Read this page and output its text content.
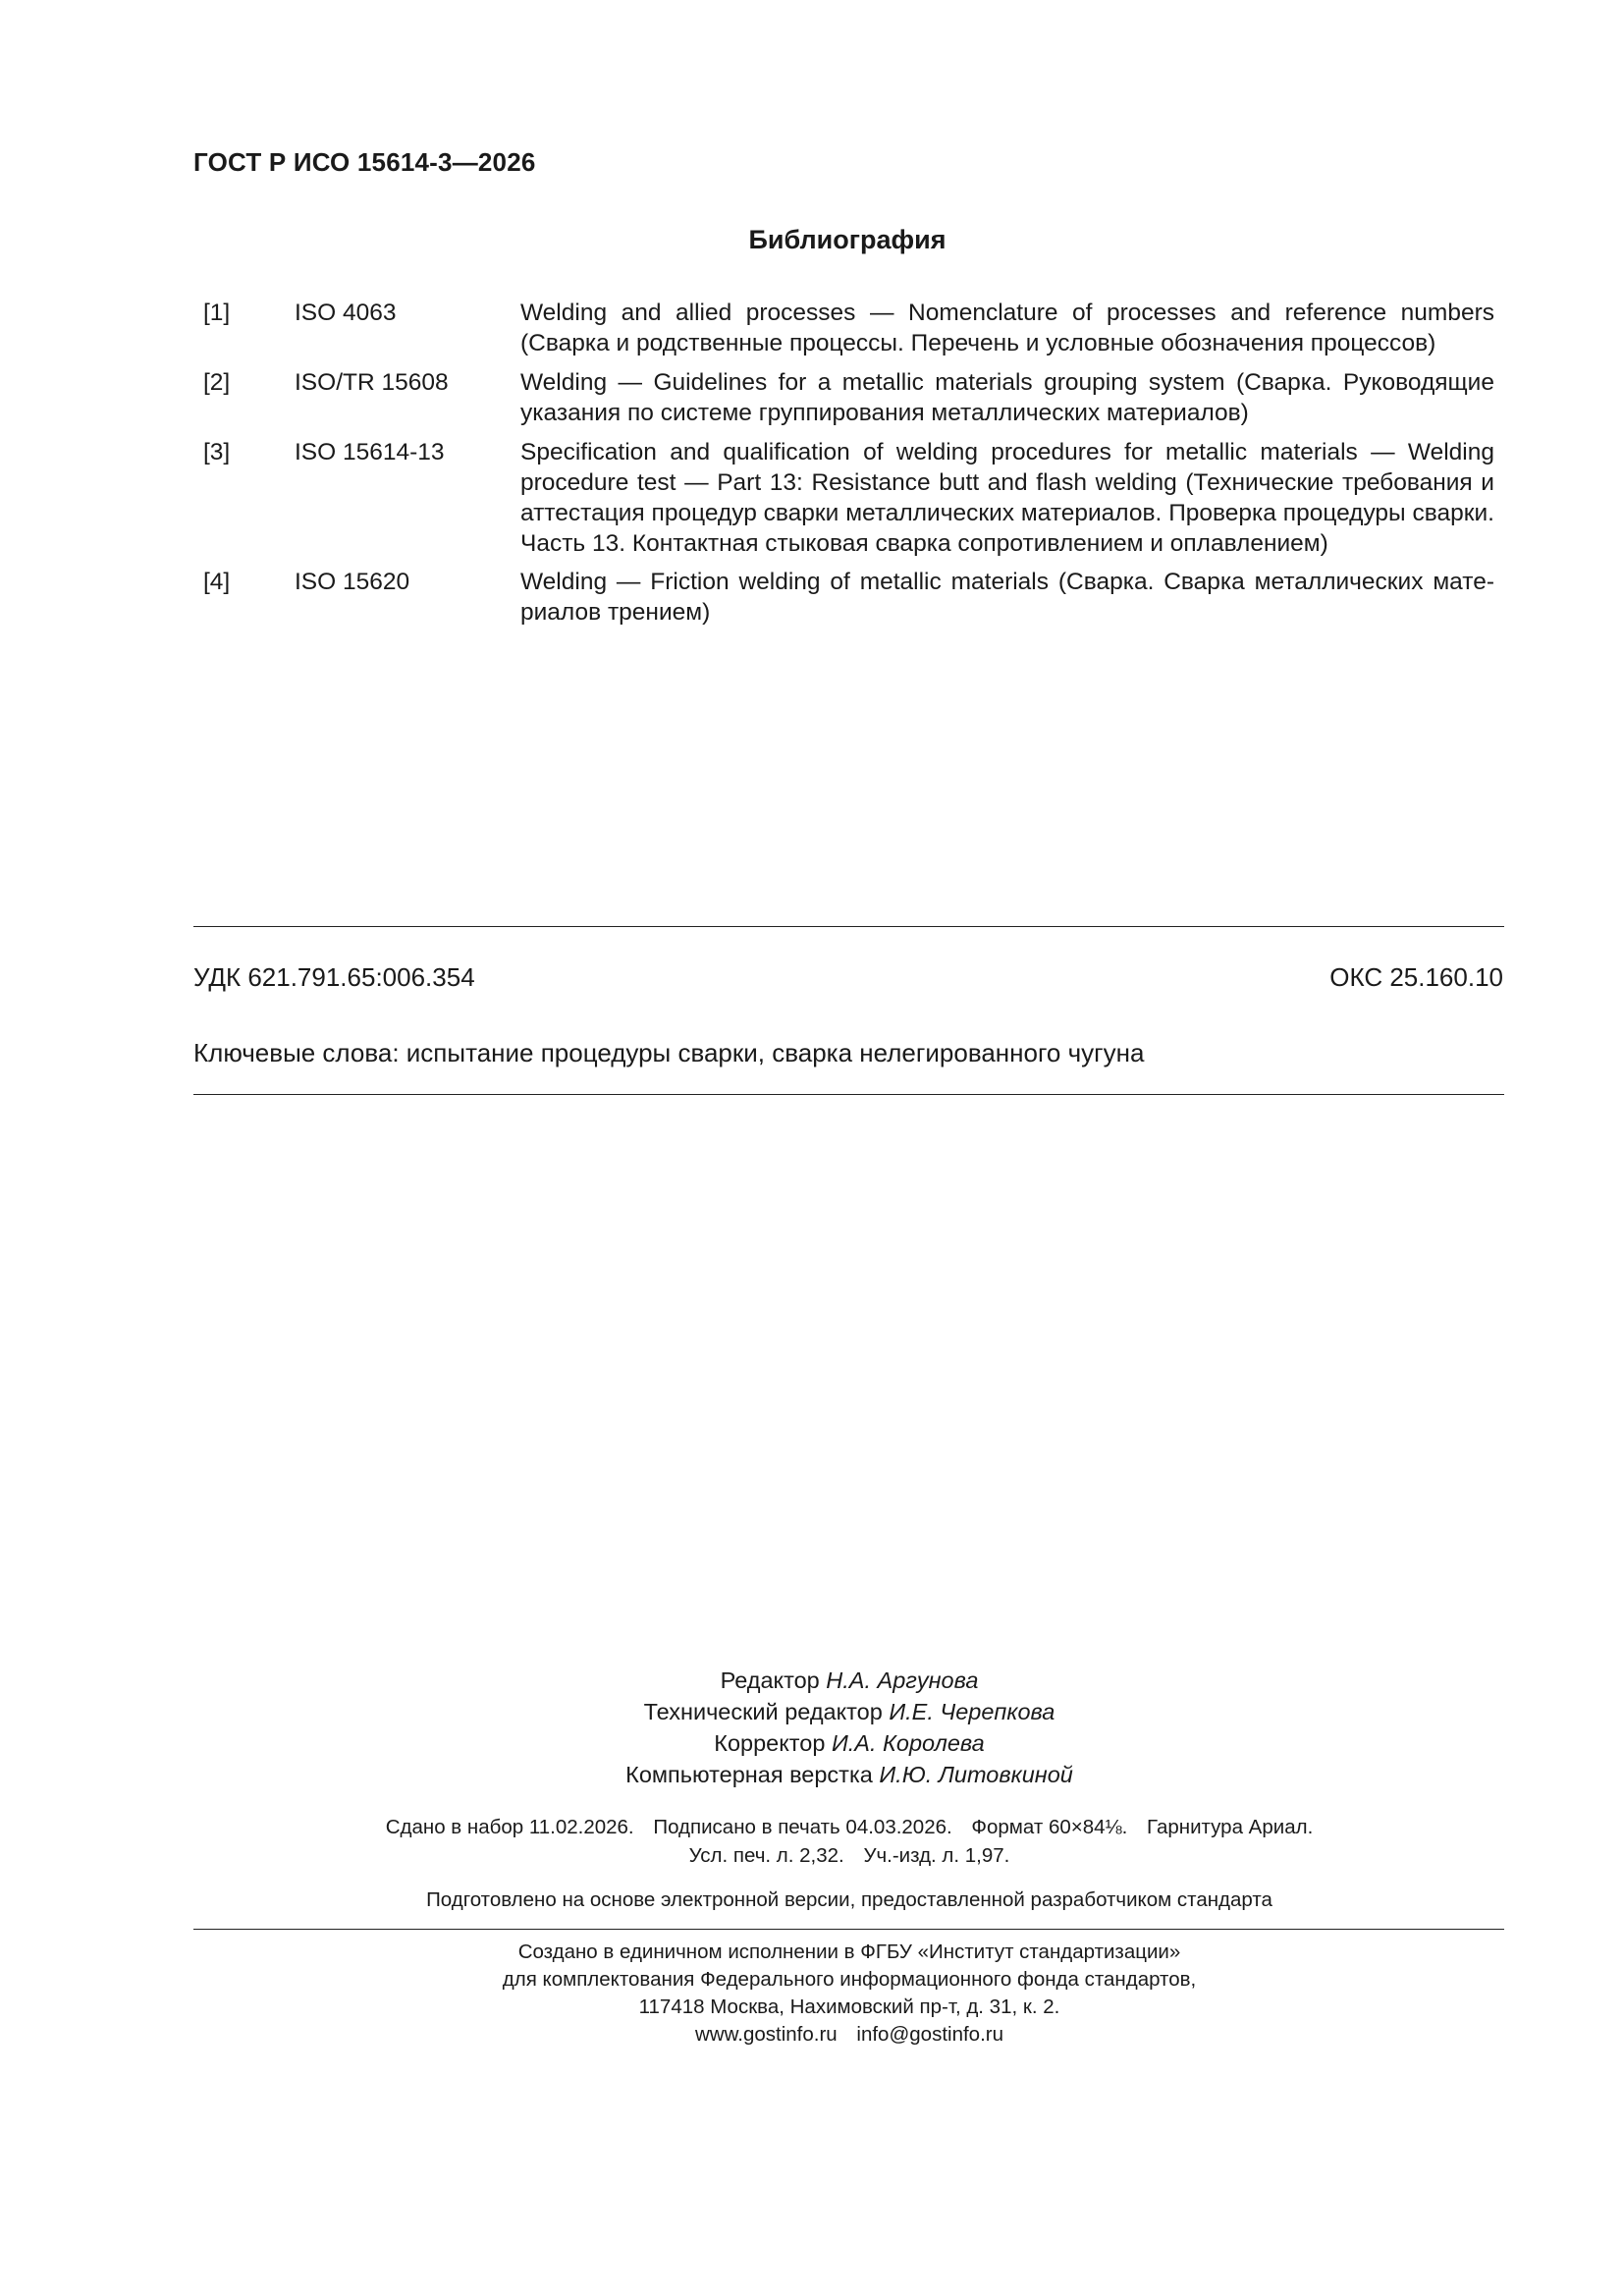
ГОСТ Р ИСО 15614-3—2026
Библиография
[1]	ISO 4063	Welding and allied processes — Nomenclature of processes and reference numbers (Сварка и родственные процессы. Перечень и условные обозначения процессов)
[2]	ISO/TR 15608	Welding — Guidelines for a metallic materials grouping system (Сварка. Руководящие указания по системе группирования металлических материалов)
[3]	ISO 15614-13	Specification and qualification of welding procedures for metallic materials — Welding procedure test — Part 13: Resistance butt and flash welding (Технические требования и аттестация процедур сварки металлических материалов. Проверка процедуры сварки. Часть 13. Контактная стыковая сварка сопротивлением и оплавлением)
[4]	ISO 15620	Welding — Friction welding of metallic materials (Сварка. Сварка металлических материалов трением)
УДК 621.791.65:006.354	ОКС 25.160.10
Ключевые слова: испытание процедуры сварки, сварка нелегированного чугуна
Редактор Н.А. Аргунова
Технический редактор И.Е. Черепкова
Корректор И.А. Королева
Компьютерная верстка И.Ю. Литовкиной
Сдано в набор 11.02.2026. Подписано в печать 04.03.2026. Формат 60×84⅛. Гарнитура Ариал.
Усл. печ. л. 2,32. Уч.-изд. л. 1,97.
Подготовлено на основе электронной версии, предоставленной разработчиком стандарта
Создано в единичном исполнении в ФГБУ «Институт стандартизации»
для комплектования Федерального информационного фонда стандартов,
117418 Москва, Нахимовский пр-т, д. 31, к. 2.
www.gostinfo.ru info@gostinfo.ru
